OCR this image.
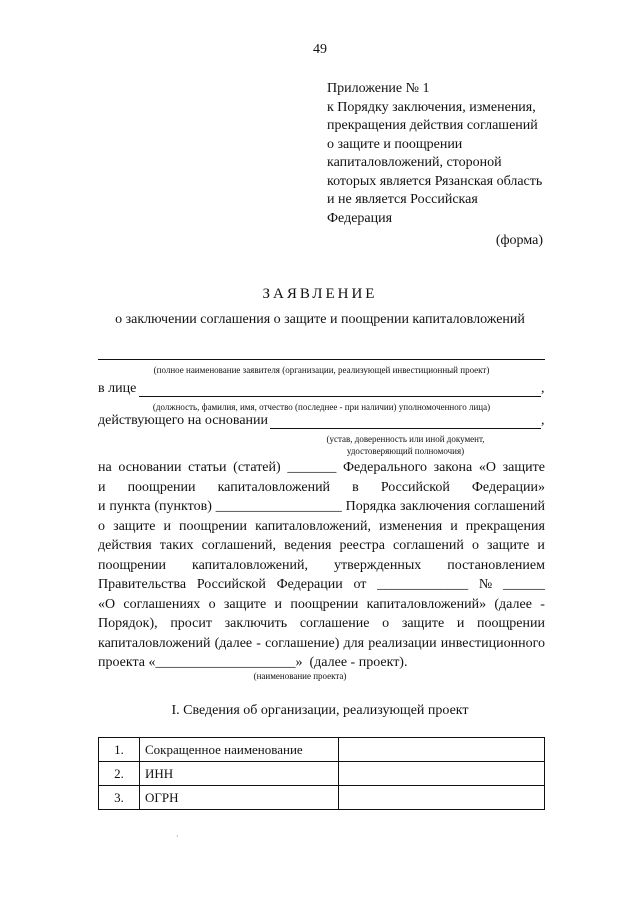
49
Приложение № 1
к Порядку заключения, изменения,
прекращения действия соглашений
о защите и поощрении
капиталовложений, стороной
которых является Рязанская область
и не является Российская
Федерация
(форма)
ЗАЯВЛЕНИЕ
о заключении соглашения о защите и поощрении капиталовложений
(полное наименование заявителя (организации, реализующей инвестиционный проект)
в лице	,
(должность, фамилия, имя, отчество (последнее - при наличии) уполномоченного лица)
действующего на основании	,
(устав, доверенность или иной документ,
удостоверяющий полномочия)
на основании статьи (статей) _______ Федерального закона «О защите
и поощрении капиталовложений в Российской Федерации»
и пункта (пунктов) __________________ Порядка заключения соглашений
о защите и поощрении капиталовложений, изменения и прекращения
действия таких соглашений, ведения реестра соглашений о защите и
поощрении капиталовложений, утвержденных постановлением
Правительства Российской Федерации от _____________ № ______
«О соглашениях о защите и поощрении капиталовложений» (далее -
Порядок), просит заключить соглашение о защите и поощрении
капиталовложений (далее - соглашение) для реализации инвестиционного
проекта «____________________»  (далее - проект).
(наименование проекта)
I. Сведения об организации, реализующей проект
1.	Сокращенное наименование	
2.	ИНН	
3.	ОГРН	
·
